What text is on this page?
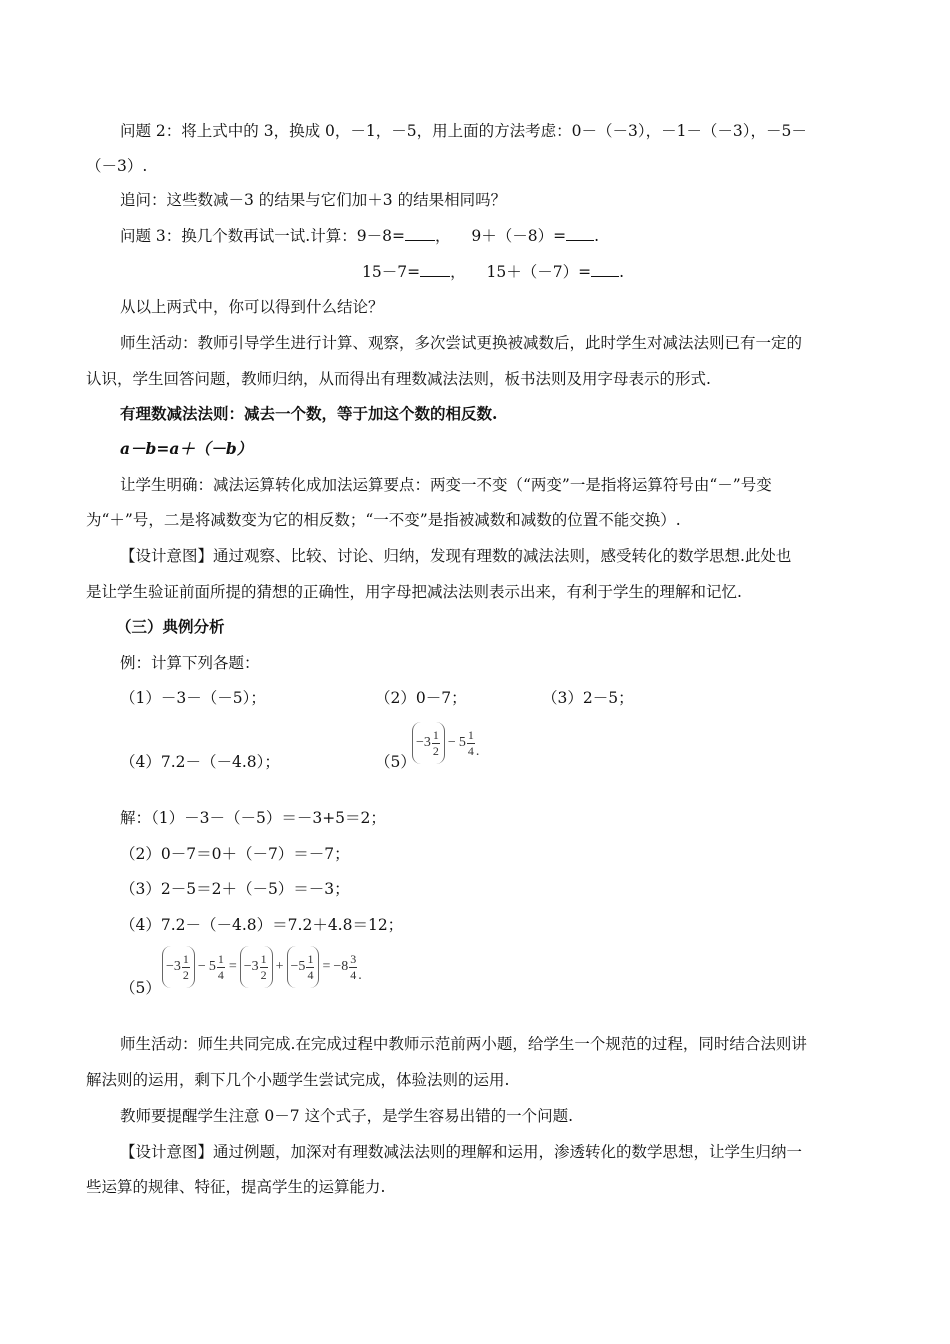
问题 2：将上式中的 3，换成 0，－1，－5，用上面的方法考虑：0－（－3），－1－（－3），－5－
（－3）.
追问：这些数减－3 的结果与它们加＋3 的结果相同吗？
问题 3：换几个数再试一试.计算：9－8= ， 9＋（－8）= .
15－7= ， 15＋（－7）= .
从以上两式中，你可以得到什么结论？
师生活动：教师引导学生进行计算、观察，多次尝试更换被减数后，此时学生对减法法则已有一定的
认识，学生回答问题，教师归纳，从而得出有理数减法法则，板书法则及用字母表示的形式.
有理数减法法则：减去一个数，等于加这个数的相反数.
a－b=a＋（－b）
让学生明确：减法运算转化成加法运算要点：两变一不变（“两变”一是指将运算符号由“－”号变
为“＋”号，二是将减数变为它的相反数；“一不变”是指被减数和减数的位置不能交换）.
【设计意图】通过观察、比较、讨论、归纳，发现有理数的减法法则，感受转化的数学思想.此处也
是让学生验证前面所提的猜想的正确性，用字母把减法法则表示出来，有利于学生的理解和记忆.
（三）典例分析
例：计算下列各题：
（1）－3－（－5）；	（2）0－7；	（3）2－5；
（4）7.2－（－4.8）；	（5）
$-3 \frac{1}{2} - 5 \frac{1}{4}$ .
解：（1）－3－（－5）＝－3+5＝2；
（2）0－7＝0＋（－7）＝－7；
（3）2－5＝2＋（－5）＝－3；
（4）7.2－（－4.8）＝7.2＋4.8＝12；
（5）
$-3 \frac{1}{2} - 5 \frac{1}{4} = -3 \frac{1}{2} + -5 \frac{1}{4} = -8 \frac{3}{4}$ .
师生活动：师生共同完成.在完成过程中教师示范前两小题，给学生一个规范的过程，同时结合法则讲
解法则的运用，剩下几个小题学生尝试完成，体验法则的运用.
教师要提醒学生注意 0－7 这个式子，是学生容易出错的一个问题.
【设计意图】通过例题，加深对有理数减法法则的理解和运用，渗透转化的数学思想，让学生归纳一
些运算的规律、特征，提高学生的运算能力.
